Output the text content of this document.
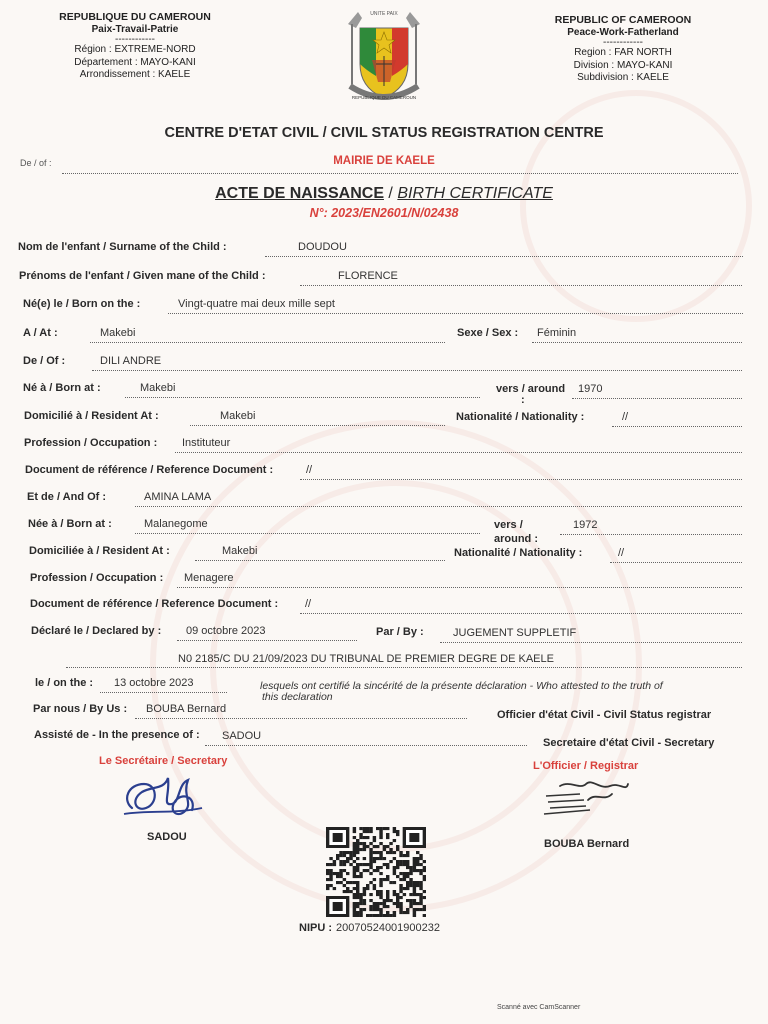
REPUBLIQUE DU CAMEROUN
Paix-Travail-Patrie
------------
Région : EXTREME-NORD
Département : MAYO-KANI
Arrondissement : KAELE
UNITE PAIX
REPUBLIQUE DU CAMEROUN
REPUBLIC OF CAMEROON
Peace-Work-Fatherland
------------
Region : FAR NORTH
Division : MAYO-KANI
Subdivision : KAELE
CENTRE D'ETAT CIVIL / CIVIL STATUS REGISTRATION CENTRE
De / of :	MAIRIE DE KAELE
ACTE DE NAISSANCE / BIRTH CERTIFICATE
N°: 2023/EN2601/N/02438
Nom de l'enfant / Surname of the Child :	DOUDOU
Prénoms de l'enfant / Given mane of the Child :	FLORENCE
Né(e) le / Born on the :	Vingt-quatre mai deux mille sept
A / At :	Makebi	Sexe / Sex : Féminin
De / Of :	DILI ANDRE
Né à / Born at :	Makebi	vers / around 1970
:
Domicilié à / Resident At :	Makebi	Nationalité / Nationality :	//
Profession / Occupation : Instituteur
Document de référence / Reference Document :	//
Et de / And Of :	AMINA LAMA
Née à / Born at :	Malanegome	vers /
around :
1972
Domiciliée à / Resident At :	Makebi	Nationalité / Nationality :	//
Profession / Occupation : Menagere
Document de référence / Reference Document : //
Déclaré le / Declared by : 09 octobre 2023	Par / By :	JUGEMENT SUPPLETIF
N0 2185/C DU 21/09/2023 DU TRIBUNAL DE PREMIER DEGRE DE KAELE
le / on the : 13 octobre 2023	lesquels ont certifié la sincérité de la présente déclaration - Who attested to the truth of
this declaration
Par nous / By Us : BOUBA Bernard	Officier d'état Civil - Civil Status registrar
Assisté de - In the presence of : SADOU
Secretaire d'état Civil - Secretary
Le Secrétaire / Secretary	L'Officier / Registrar
SADOU
BOUBA Bernard
NIPU : 20070524001900232
Scanné avec CamScanner
